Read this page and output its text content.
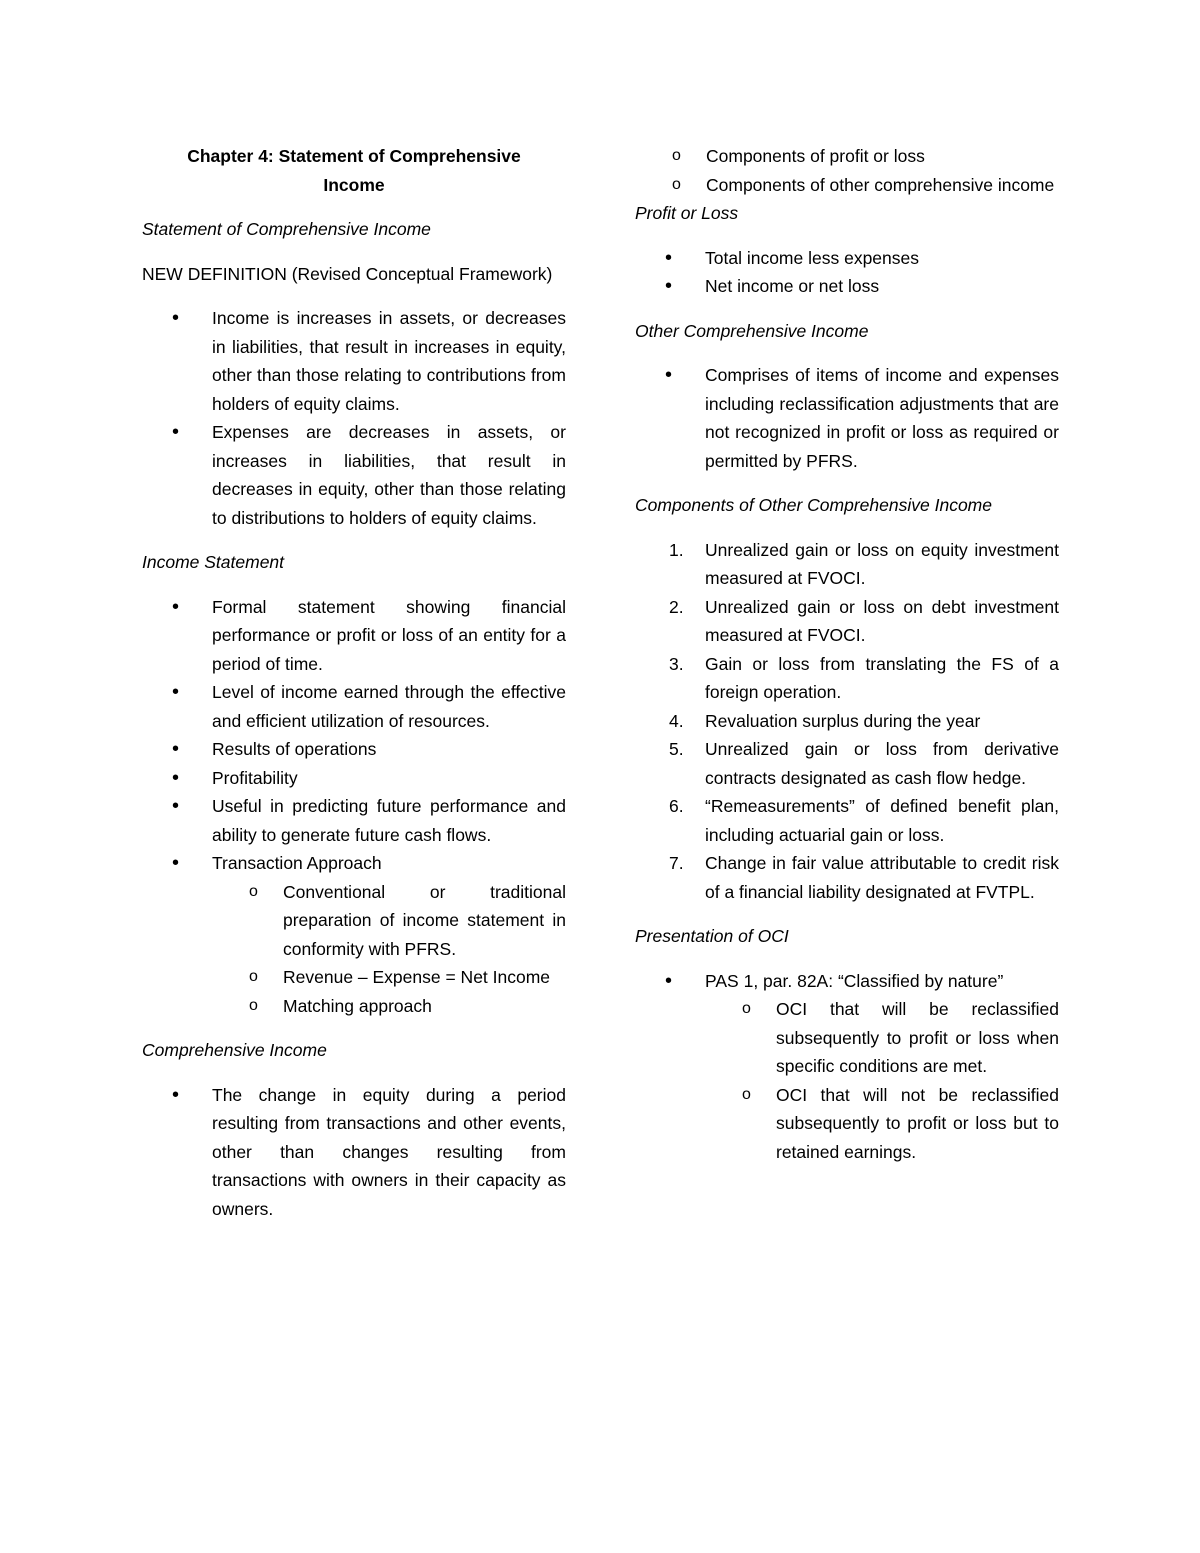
Chapter 4: Statement of Comprehensive Income
Statement of Comprehensive Income

NEW DEFINITION (Revised Conceptual Framework)

• Income is increases in assets, or decreases in liabilities, that result in increases in equity, other than those relating to contributions from holders of equity claims.
• Expenses are decreases in assets, or increases in liabilities, that result in decreases in equity, other than those relating to distributions to holders of equity claims.
Income Statement
• Formal statement showing financial performance or profit or loss of an entity for a period of time.
• Level of income earned through the effective and efficient utilization of resources.
• Results of operations
• Profitability
• Useful in predicting future performance and ability to generate future cash flows.
• Transaction Approach
o Conventional or traditional preparation of income statement in conformity with PFRS.
o Revenue – Expense = Net Income
o Matching approach
Comprehensive Income
• The change in equity during a period resulting from transactions and other events, other than changes resulting from transactions with owners in their capacity as owners.
o Components of profit or loss
o Components of other comprehensive income
Profit or Loss
• Total income less expenses
• Net income or net loss
Other Comprehensive Income
• Comprises of items of income and expenses including reclassification adjustments that are not recognized in profit or loss as required or permitted by PFRS.
Components of Other Comprehensive Income
1. Unrealized gain or loss on equity investment measured at FVOCI.
2. Unrealized gain or loss on debt investment measured at FVOCI.
3. Gain or loss from translating the FS of a foreign operation.
4. Revaluation surplus during the year
5. Unrealized gain or loss from derivative contracts designated as cash flow hedge.
6. “Remeasurements” of defined benefit plan, including actuarial gain or loss.
7. Change in fair value attributable to credit risk of a financial liability designated at FVTPL.
Presentation of OCI
• PAS 1, par. 82A: “Classified by nature”
o OCI that will be reclassified subsequently to profit or loss when specific conditions are met.
o OCI that will not be reclassified subsequently to profit or loss but to retained earnings.
